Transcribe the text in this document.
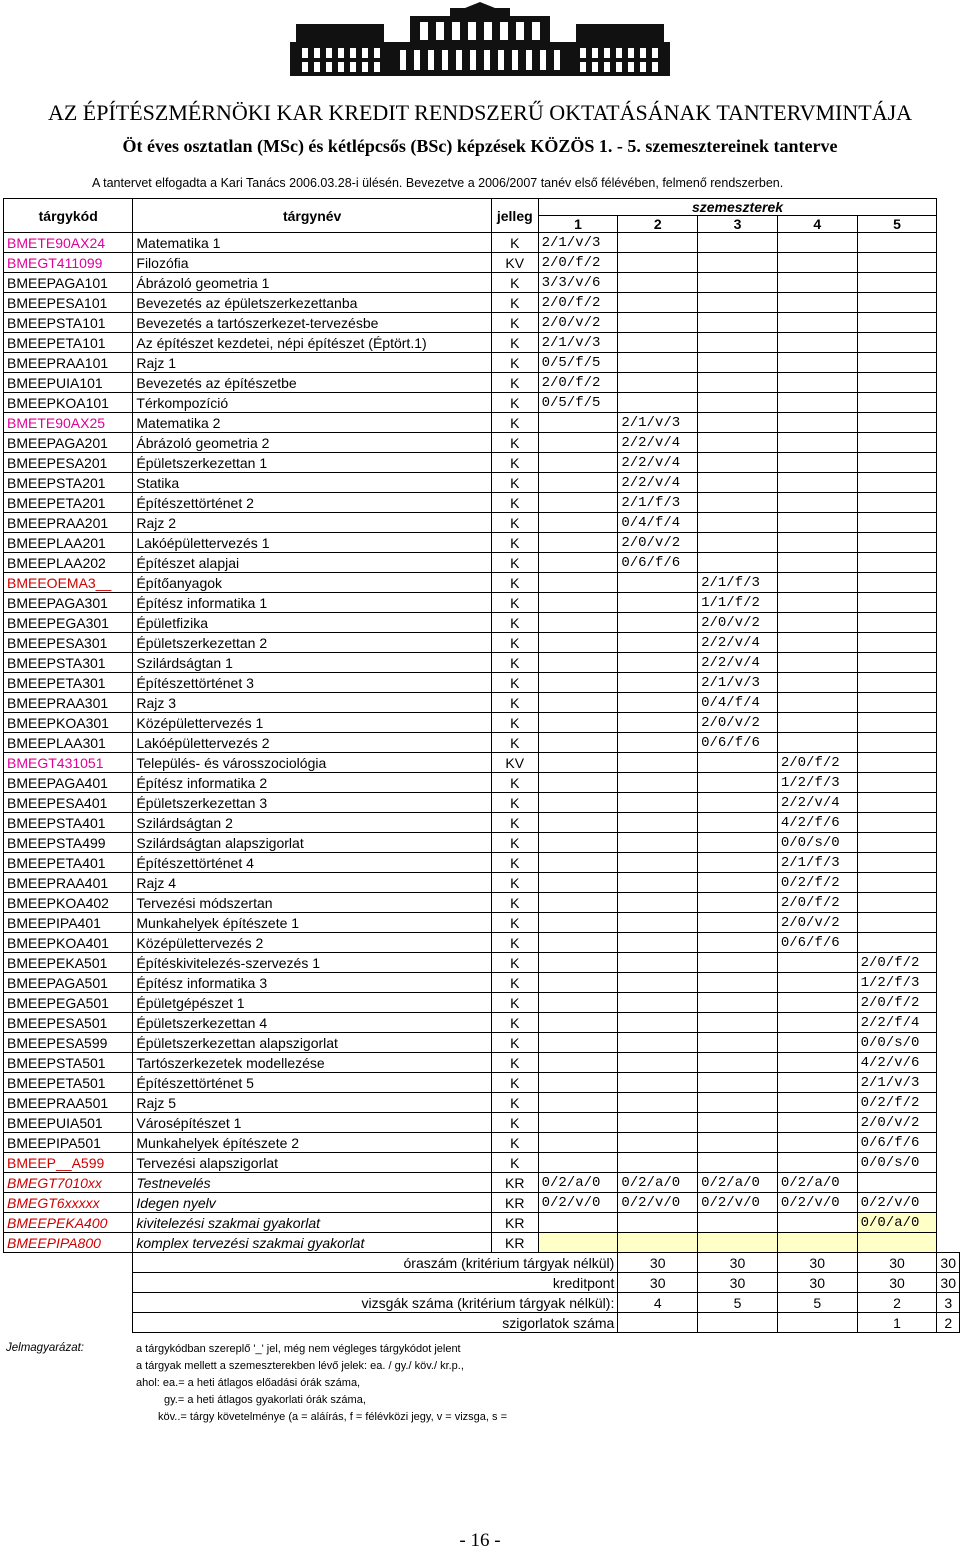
AZ ÉPÍTÉSZMÉRNÖKI KAR KREDIT RENDSZERŰ OKTATÁSÁNAK TANTERVMINTÁJA
Öt éves osztatlan (MSc) és kétlépcsős (BSc) képzések KÖZÖS 1. - 5. szemesztereinek tanterve
A tantervet elfogadta a Kari Tanács 2006.03.28-i ülésén. Bevezetve a 2006/2007 tanév első félévében, felmenő rendszerben.
tárgykód	tárgynév	jelleg	szemeszterek					
			1	2	3	4	5	
BMETE90AX24	Matematika 1	K	2/1/v/3					
BMEGT411099	Filozófia	KV	2/0/f/2					
BMEEPAGA101	Ábrázoló geometria 1	K	3/3/v/6					
BMEEPESA101	Bevezetés az épületszerkezettanba	K	2/0/f/2					
BMEEPSTA101	Bevezetés a tartószerkezet-tervezésbe	K	2/0/v/2					
BMEEPETA101	Az építészet kezdetei, népi építészet (Éptört.1)	K	2/1/v/3					
BMEEPRAA101	Rajz 1	K	0/5/f/5					
BMEEPUIA101	Bevezetés az építészetbe	K	2/0/f/2					
BMEEPKOA101	Térkompozíció	K	0/5/f/5					
BMETE90AX25	Matematika 2	K		2/1/v/3				
BMEEPAGA201	Ábrázoló geometria 2	K		2/2/v/4				
BMEEPESA201	Épületszerkezettan 1	K		2/2/v/4				
BMEEPSTA201	Statika	K		2/2/v/4				
BMEEPETA201	Építészettörténet 2	K		2/1/f/3				
BMEEPRAA201	Rajz 2	K		0/4/f/4				
BMEEPLAA201	Lakóépülettervezés 1	K		2/0/v/2				
BMEEPLAA202	Építészet alapjai	K		0/6/f/6				
BMEEOEMA3__	Építőanyagok	K			2/1/f/3			
BMEEPAGA301	Építész informatika 1	K			1/1/f/2			
BMEEPEGA301	Épületfizika	K			2/0/v/2			
BMEEPESA301	Épületszerkezettan 2	K			2/2/v/4			
BMEEPSTA301	Szilárdságtan 1	K			2/2/v/4			
BMEEPETA301	Építészettörténet 3	K			2/1/v/3			
BMEEPRAA301	Rajz 3	K			0/4/f/4			
BMEEPKOA301	Középülettervezés 1	K			2/0/v/2			
BMEEPLAA301	Lakóépülettervezés 2	K			0/6/f/6			
BMEGT431051	Település- és városszociológia	KV				2/0/f/2		
BMEEPAGA401	Építész informatika 2	K				1/2/f/3		
BMEEPESA401	Épületszerkezettan 3	K				2/2/v/4		
BMEEPSTA401	Szilárdságtan 2	K				4/2/f/6		
BMEEPSTA499	Szilárdságtan alapszigorlat	K				0/0/s/0		
BMEEPETA401	Építészettörténet 4	K				2/1/f/3		
BMEEPRAA401	Rajz 4	K				0/2/f/2		
BMEEPKOA402	Tervezési módszertan	K				2/0/f/2		
BMEEPIPA401	Munkahelyek építészete 1	K				2/0/v/2		
BMEEPKOA401	Középülettervezés 2	K				0/6/f/6		
BMEEPEKA501	Építéskivitelezés-szervezés 1	K					2/0/f/2	
BMEEPAGA501	Építész informatika 3	K					1/2/f/3	
BMEEPEGA501	Épületgépészet 1	K					2/0/f/2	
BMEEPESA501	Épületszerkezettan 4	K					2/2/f/4	
BMEEPESA599	Épületszerkezettan alapszigorlat	K					0/0/s/0	
BMEEPSTA501	Tartószerkezetek modellezése	K					4/2/v/6	
BMEEPETA501	Építészettörténet 5	K					2/1/v/3	
BMEEPRAA501	Rajz 5	K					0/2/f/2	
BMEEPUIA501	Városépítészet 1	K					2/0/v/2	
BMEEPIPA501	Munkahelyek építészete 2	K					0/6/f/6	
BMEEP__A599	Tervezési alapszigorlat	K					0/0/s/0	
BMEGT7010xx	Testnevelés	KR	0/2/a/0	0/2/a/0	0/2/a/0	0/2/a/0		
BMEGT6xxxxx	Idegen nyelv	KR	0/2/v/0	0/2/v/0	0/2/v/0	0/2/v/0	0/2/v/0	
BMEEPEKA400	kivitelezési szakmai gyakorlat	KR					0/0/a/0	
BMEEPIPA800	komplex tervezési szakmai gyakorlat	KR						
	óraszám (kritérium tárgyak nélkül)			30	30	30	30	30
	kreditpont			30	30	30	30	30
	vizsgák száma (kritérium tárgyak nélkül):			4	5	5	2	3
	szigorlatok száma						1	2
Jelmagyarázat:	a tárgykódban szereplő '_' jel, még nem végleges tárgykódot jelent
a tárgyak mellett a szemeszterekben lévő jelek: ea. / gy./ köv./ kr.p.,
ahol: ea.= a heti átlagos előadási órák száma,
gy.= a heti átlagos gyakorlati órák száma,
köv..= tárgy követelménye (a = aláírás, f = félévközi jegy, v = vizsga, s =
- 16 -
